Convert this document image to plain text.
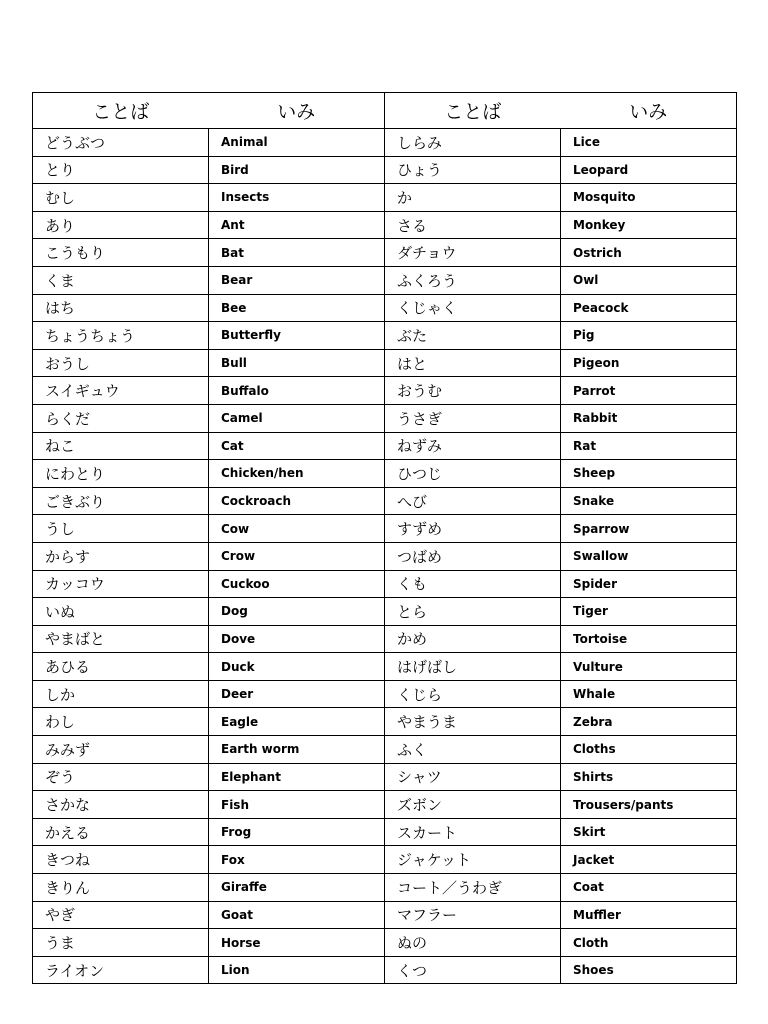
ことば いみ		ことば いみ	
どうぶつ	Animal	しらみ	Lice
とり	Bird	ひょう	Leopard
むし	Insects	か	Mosquito
あり	Ant	さる	Monkey
こうもり	Bat	ダチョウ	Ostrich
くま	Bear	ふくろう	Owl
はち	Bee	くじゃく	Peacock
ちょうちょう	Butterfly	ぶた	Pig
おうし	Bull	はと	Pigeon
スイギュウ	Buffalo	おうむ	Parrot
らくだ	Camel	うさぎ	Rabbit
ねこ	Cat	ねずみ	Rat
にわとり	Chicken/hen	ひつじ	Sheep
ごきぶり	Cockroach	へび	Snake
うし	Cow	すずめ	Sparrow
からす	Crow	つばめ	Swallow
カッコウ	Cuckoo	くも	Spider
いぬ	Dog	とら	Tiger
やまばと	Dove	かめ	Tortoise
あひる	Duck	はげばし	Vulture
しか	Deer	くじら	Whale
わし	Eagle	やまうま	Zebra
みみず	Earth worm	ふく	Cloths
ぞう	Elephant	シャツ	Shirts
さかな	Fish	ズボン	Trousers/pants
かえる	Frog	スカート	Skirt
きつね	Fox	ジャケット	Jacket
きりん	Giraffe	コート／うわぎ	Coat
やぎ	Goat	マフラー	Muffler
うま	Horse	ぬの	Cloth
ライオン	Lion	くつ	Shoes
